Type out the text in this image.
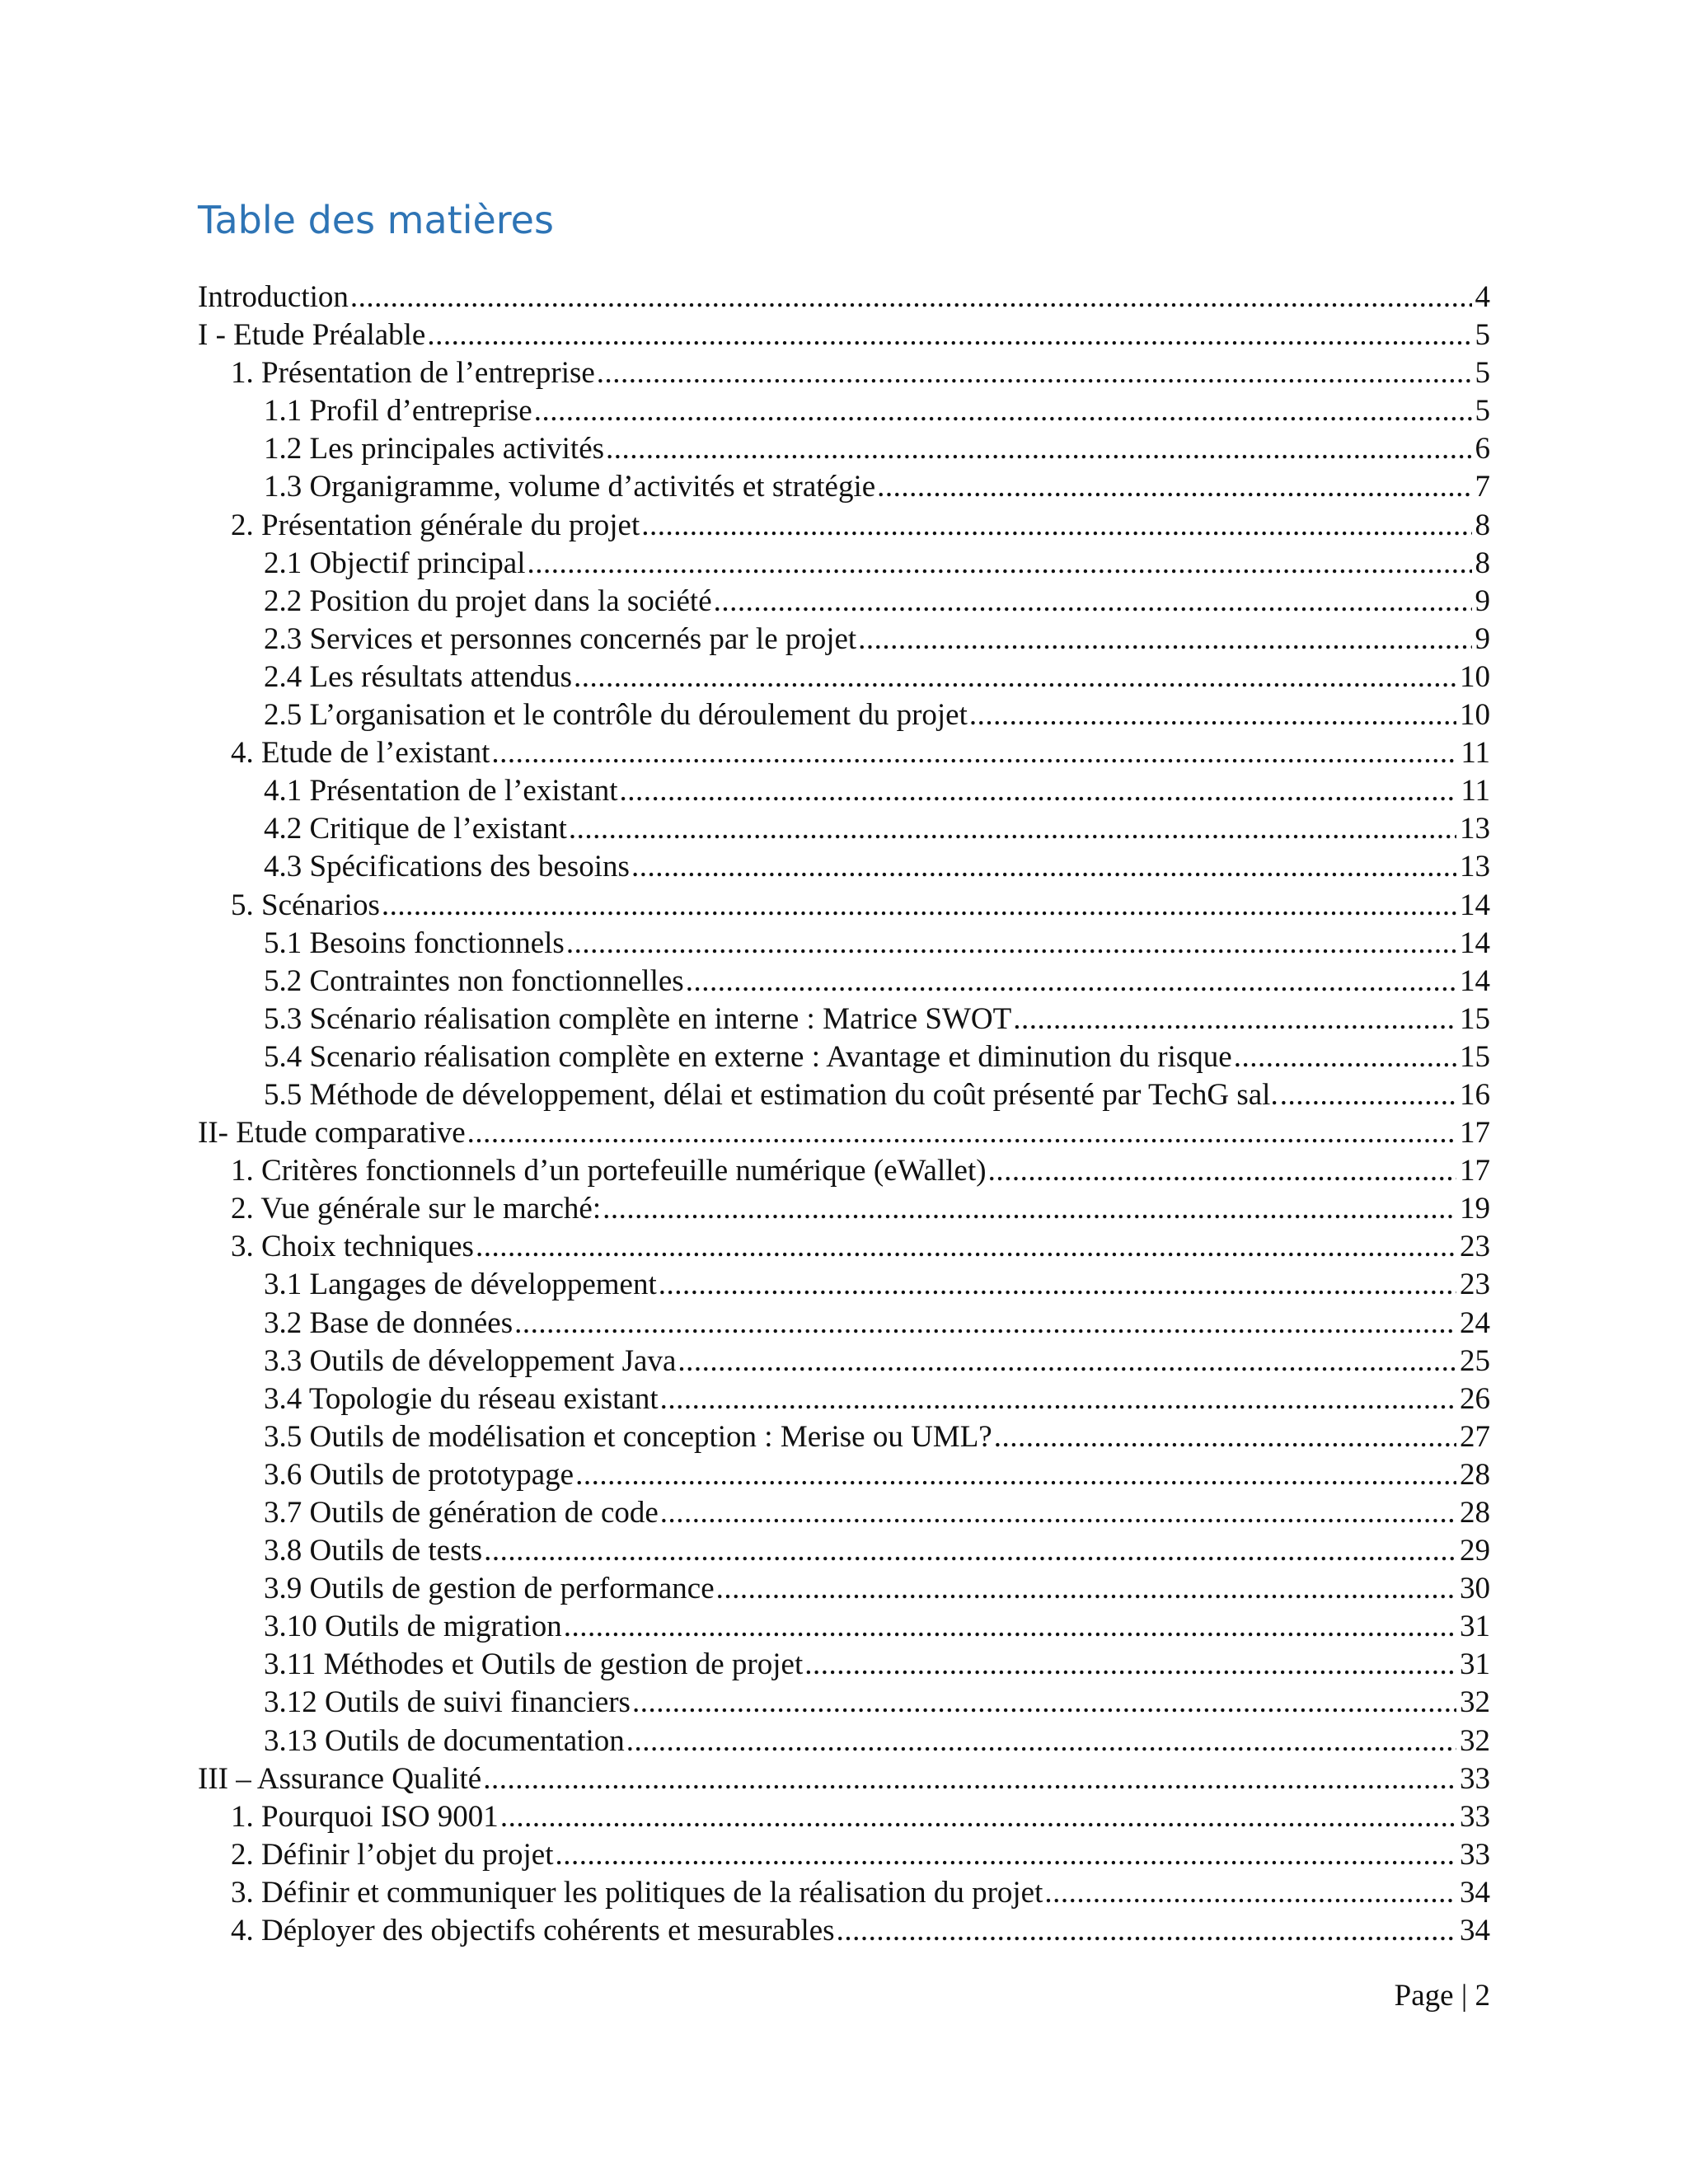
Table des matières
Introduction .....	4
I - Etude Préalable .....	5
1. Présentation de l’entreprise .....	5
1.1 Profil d’entreprise .....	5
1.2 Les principales activités .....	6
1.3 Organigramme, volume d’activités et stratégie .....	7
2. Présentation générale du projet .....	8
2.1 Objectif principal .....	8
2.2 Position du projet dans la société .....	9
2.3 Services et personnes concernés par le projet .....	9
2.4 Les résultats attendus .....	10
2.5 L’organisation et le contrôle du déroulement du projet .....	10
4. Etude de l’existant .....	11
4.1 Présentation de l’existant .....	11
4.2 Critique de l’existant .....	13
4.3 Spécifications des besoins .....	13
5. Scénarios .....	14
5.1 Besoins fonctionnels .....	14
5.2 Contraintes non fonctionnelles .....	14
5.3 Scénario réalisation complète en interne : Matrice SWOT .....	15
5.4 Scenario réalisation complète en externe : Avantage et diminution du risque .....	15
5.5 Méthode de développement, délai et estimation du coût présenté par TechG sal. .....	16
II- Etude comparative .....	17
1. Critères fonctionnels d’un portefeuille numérique (eWallet) .....	17
2. Vue générale sur le marché: .....	19
3. Choix techniques .....	23
3.1 Langages de développement .....	23
3.2 Base de données .....	24
3.3 Outils de développement Java .....	25
3.4 Topologie du réseau existant .....	26
3.5 Outils de modélisation et conception : Merise ou UML? .....	27
3.6 Outils de prototypage .....	28
3.7 Outils de génération de code .....	28
3.8 Outils de tests .....	29
3.9 Outils de gestion de performance .....	30
3.10 Outils de migration .....	31
3.11 Méthodes et Outils de gestion de projet .....	31
3.12 Outils de suivi financiers .....	32
3.13 Outils de documentation .....	32
III – Assurance Qualité .....	33
1. Pourquoi ISO 9001 .....	33
2. Définir l’objet du projet .....	33
3. Définir et communiquer les politiques de la réalisation du projet .....	34
4. Déployer des objectifs cohérents et mesurables .....	34
Page | 2
